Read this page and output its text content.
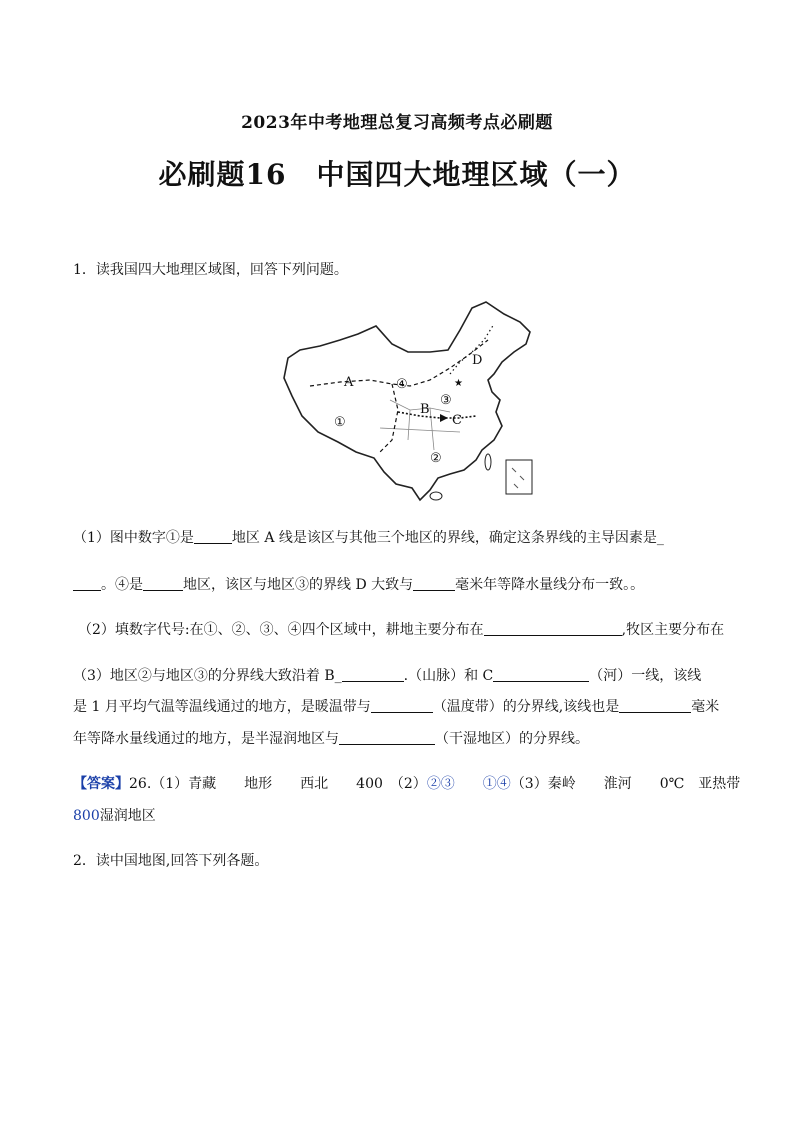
2023年中考地理总复习高频考点必刷题
必刷题16 中国四大地理区域（一）
1．读我国四大地理区域图，回答下列问题。
①
②
③
④
A
B
C
D
★
（1）图中数字①是	地区 A 线是该区与其他三个地区的界线，确定这条界线的主导因素是_
。④是	地区，该区与地区③的界线 D 大致与	毫米年等降水量线分布一致。。
（2）填数字代号:在①、②、③、④四个区域中，耕地主要分布在	,牧区主要分布在
（3）地区②与地区③的分界线大致沿着 B_	.（山脉）和 C	（河）一线，该线
是 1 月平均气温等温线通过的地方，是暖温带与	（温度带）的分界线,该线也是	毫米
年等降水量线通过的地方，是半湿润地区与	（干湿地区）的分界线。
【答案】26.（1）青藏　　地形　　西北　　400　（2）②③　　①④（3）秦岭　　淮河　　0℃　亚热带
800湿润地区
2．读中国地图,回答下列各题。
